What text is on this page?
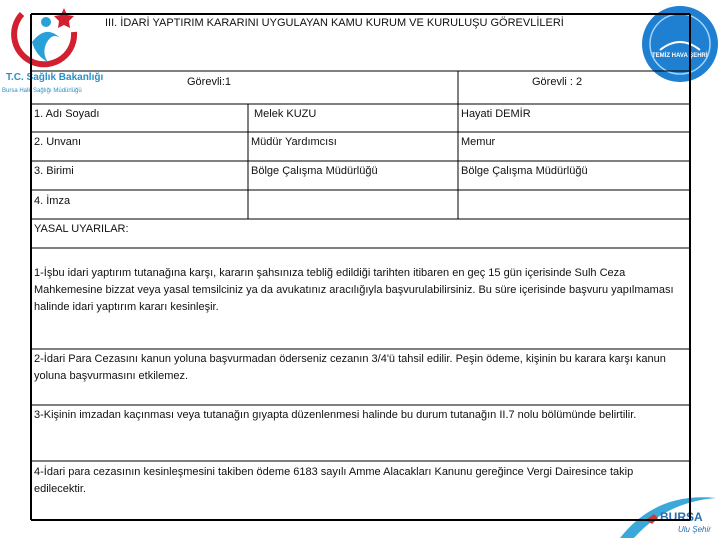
T.C. Sağlık Bakanlığı
Bursa Halk Sağlığı Müdürlüğü
TEMİZ HAVA ŞEHRİ
BURSA
Ulu Şehir
III. İDARİ YAPTIRIM KARARINI UYGULAYAN KAMU KURUM VE KURULUŞU GÖREVLİLERİ
Görevli:1	Görevli : 2
1. Adı Soyadı	Melek KUZU	Hayati DEMİR
2. Unvanı	Müdür Yardımcısı	Memur
3. Birimi	Bölge Çalışma Müdürlüğü	Bölge Çalışma Müdürlüğü
4. İmza
YASAL UYARILAR:
1-İşbu idari yaptırım tutanağına karşı, kararın şahsınıza tebliğ edildiği tarihten itibaren en geç 15 gün içerisinde Sulh Ceza Mahkemesine bizzat veya yasal temsilciniz ya da avukatınız aracılığıyla başvurulabilirsiniz. Bu süre içerisinde başvuru yapılmaması halinde idari yaptırım kararı kesinleşir.
2-İdari Para Cezasını kanun yoluna başvurmadan öderseniz cezanın 3/4'ü tahsil edilir. Peşin ödeme, kişinin bu karara karşı kanun yoluna başvurmasını etkilemez.
3-Kişinin imzadan kaçınması veya tutanağın gıyapta düzenlenmesi halinde bu durum tutanağın II.7 nolu bölümünde belirtilir.
4-İdari para cezasının kesinleşmesini takiben ödeme 6183 sayılı Amme Alacakları Kanunu gereğince Vergi Dairesince takip edilecektir.
